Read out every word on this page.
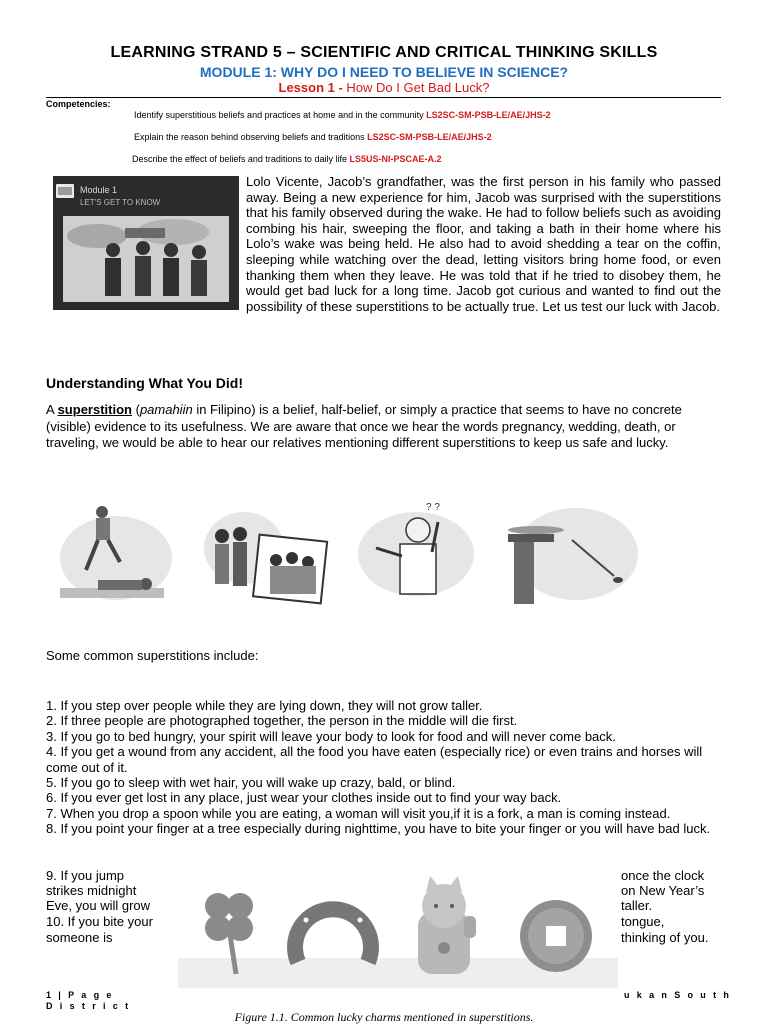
LEARNING STRAND 5 – SCIENTIFIC AND CRITICAL THINKING SKILLS
MODULE 1: WHY DO I NEED TO BELIEVE IN SCIENCE?
Lesson 1 - How Do I Get Bad Luck?
Competencies:
Identify superstitious beliefs and practices at home and in the community LS2SC-SM-PSB-LE/AE/JHS-2
Explain the reason behind observing beliefs and traditions LS2SC-SM-PSB-LE/AE/JHS-2
Describe the effect of beliefs and traditions to daily life LS5US-NI-PSCAE-A.2
Lolo Vicente, Jacob’s grandfather, was the first person in his family who passed away. Being a new experience for him, Jacob was surprised with the superstitions that his family observed during the wake. He had to follow beliefs such as avoiding combing his hair, sweeping the floor, and taking a bath in their home where his Lolo’s wake was being held. He also had to avoid shedding a tear on the coffin, sleeping while watching over the dead, letting visitors bring home food, or even thanking them when they leave. He was told that if he tried to disobey them, he would get bad luck for a long time. Jacob got curious and wanted to find out the possibility of these superstitions to be actually true. Let us test our luck with Jacob.
Module 1
LET'S GET TO KNOW
Understanding What You Did!
A superstition (pamahiin in Filipino) is a belief, half-belief, or simply a practice that seems to have no concrete (visible) evidence to its usefulness. We are aware that once we hear the words pregnancy, wedding, death, or traveling, we would be able to hear our relatives mentioning different superstitions to keep us safe and lucky.
? ?
Some common superstitions include:
1. If you step over people while they are lying down, they will not grow taller.
2. If three people are photographed together, the person in the middle will die first.
3. If you go to bed hungry, your spirit will leave your body to look for food and will never come back.
4. If you get a wound from any accident, all the food you have eaten (especially rice) or even trains and horses will come out of it.
5. If you go to sleep with wet hair, you will wake up crazy, bald, or blind.
6. If you ever get lost in any place, just wear your clothes inside out to find your way back.
7. When you drop a spoon while you are eating, a woman will visit you,if it is a fork, a man is coming instead.
8. If you point your finger at a tree especially during nighttime, you have to bite your finger or you will have bad luck.
9. If you jump	once the clock
strikes midnight	on New Year’s
Eve, you will grow	taller.
10. If you bite your	tongue,
someone is	thinking of you.
1 | P a g e
D i s t r i c t
u k a n S o u t h
Figure 1.1. Common lucky charms mentioned in superstitions.
